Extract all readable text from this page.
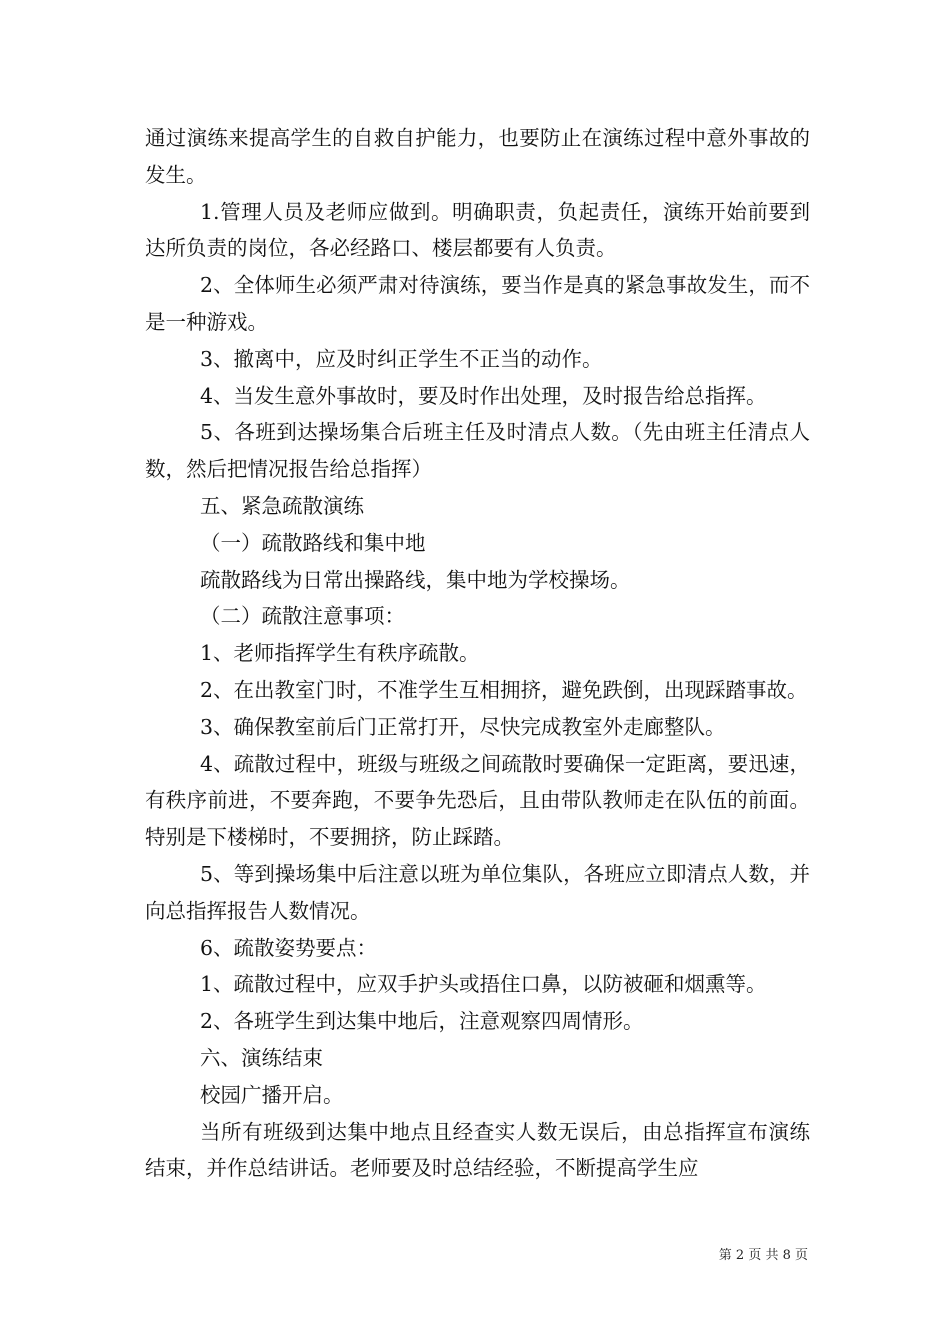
通过演练来提高学生的自救自护能力，也要防止在演练过程中意外事故的发生。

1.管理人员及老师应做到。明确职责，负起责任，演练开始前要到达所负责的岗位，各必经路口、楼层都要有人负责。

2、全体师生必须严肃对待演练，要当作是真的紧急事故发生，而不是一种游戏。

3、撤离中，应及时纠正学生不正当的动作。

4、当发生意外事故时，要及时作出处理，及时报告给总指挥。

5、各班到达操场集合后班主任及时清点人数。（先由班主任清点人数，然后把情况报告给总指挥）

五、紧急疏散演练

（一）疏散路线和集中地

疏散路线为日常出操路线，集中地为学校操场。

（二）疏散注意事项：

1、老师指挥学生有秩序疏散。

2、在出教室门时，不准学生互相拥挤，避免跌倒，出现踩踏事故。

3、确保教室前后门正常打开，尽快完成教室外走廊整队。

4、疏散过程中，班级与班级之间疏散时要确保一定距离，要迅速，有秩序前进，不要奔跑，不要争先恐后，且由带队教师走在队伍的前面。特别是下楼梯时，不要拥挤，防止踩踏。

5、等到操场集中后注意以班为单位集队，各班应立即清点人数，并向总指挥报告人数情况。

6、疏散姿势要点：

1、疏散过程中，应双手护头或捂住口鼻，以防被砸和烟熏等。

2、各班学生到达集中地后，注意观察四周情形。

六、演练结束

校园广播开启。

当所有班级到达集中地点且经查实人数无误后，由总指挥宣布演练结束，并作总结讲话。老师要及时总结经验，不断提高学生应

第 2 页 共 8 页
